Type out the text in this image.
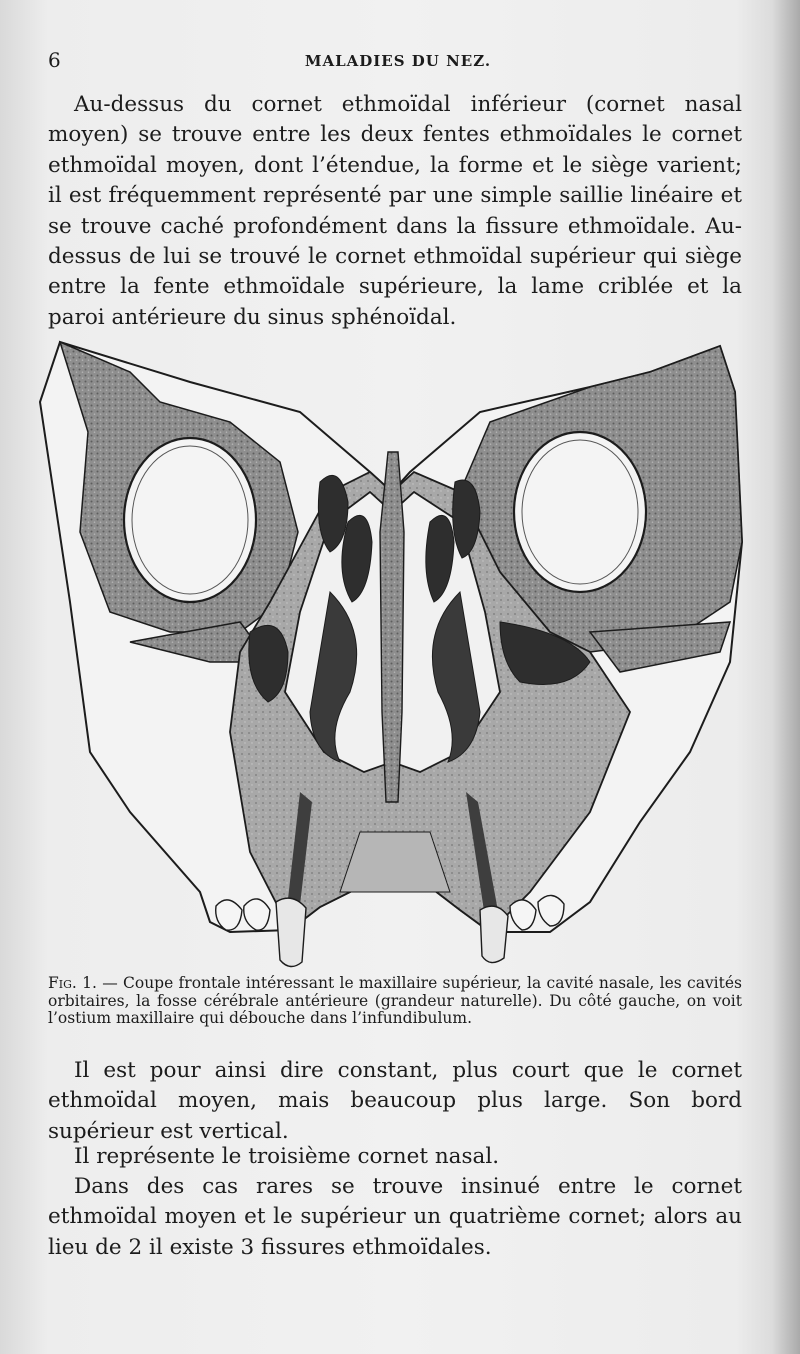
6	MALADIES DU NEZ.

Au-dessus du cornet ethmoïdal inférieur (cornet nasal moyen) se trouve entre les deux fentes ethmoïdales le cornet ethmoïdal moyen, dont l’étendue, la forme et le siège varient; il est fréquemment représenté par une simple saillie linéaire et se trouve caché profondément dans la fissure ethmoïdale. Au-dessus de lui se trouvé le cornet ethmoïdal supérieur qui siège entre la fente ethmoïdale supérieure, la lame criblée et la paroi antérieure du sinus sphénoïdal.

Fig. 1. — Coupe frontale intéressant le maxillaire supérieur, la cavité nasale, les cavités orbitaires, la fosse cérébrale antérieure (grandeur naturelle). Du côté gauche, on voit l’ostium maxillaire qui débouche dans l’infundibulum.

Il est pour ainsi dire constant, plus court que le cornet ethmoïdal moyen, mais beaucoup plus large. Son bord supérieur est vertical.

Il représente le troisième cornet nasal.

Dans des cas rares se trouve insinué entre le cornet ethmoïdal moyen et le supérieur un quatrième cornet; alors au lieu de 2 il existe 3 fissures ethmoïdales.
